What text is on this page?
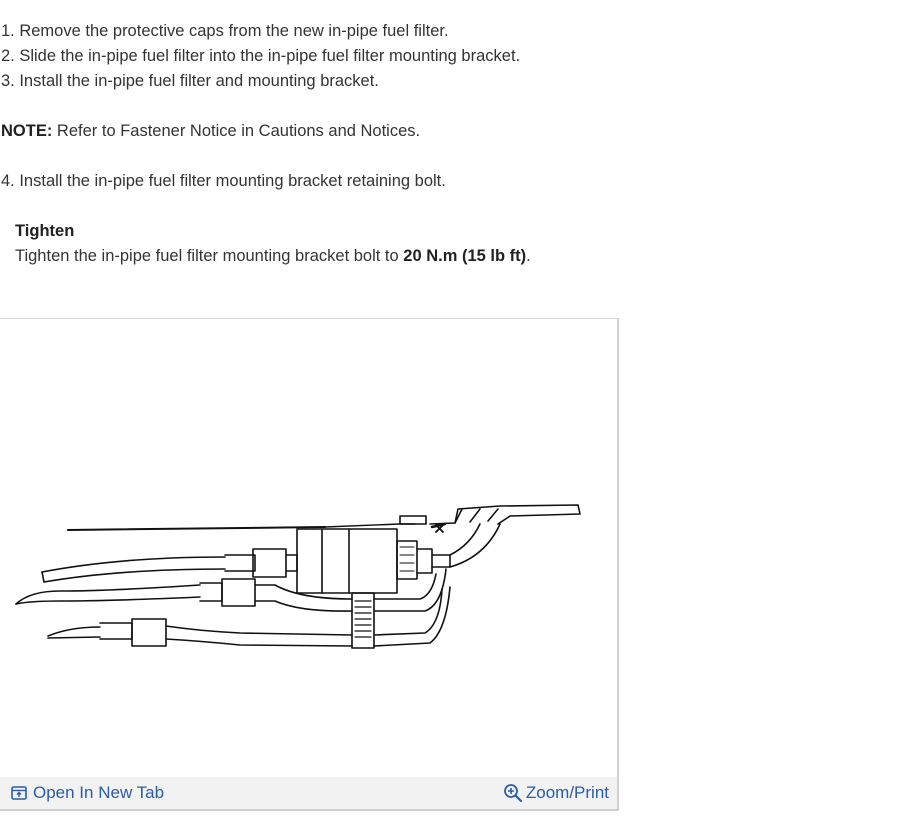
1. Remove the protective caps from the new in-pipe fuel filter.
2. Slide the in-pipe fuel filter into the in-pipe fuel filter mounting bracket.
3. Install the in-pipe fuel filter and mounting bracket.
NOTE: Refer to Fastener Notice in Cautions and Notices.
4. Install the in-pipe fuel filter mounting bracket retaining bolt.
Tighten
Tighten the in-pipe fuel filter mounting bracket bolt to 20 N.m (15 lb ft).
Open In New Tab	Zoom/Print
